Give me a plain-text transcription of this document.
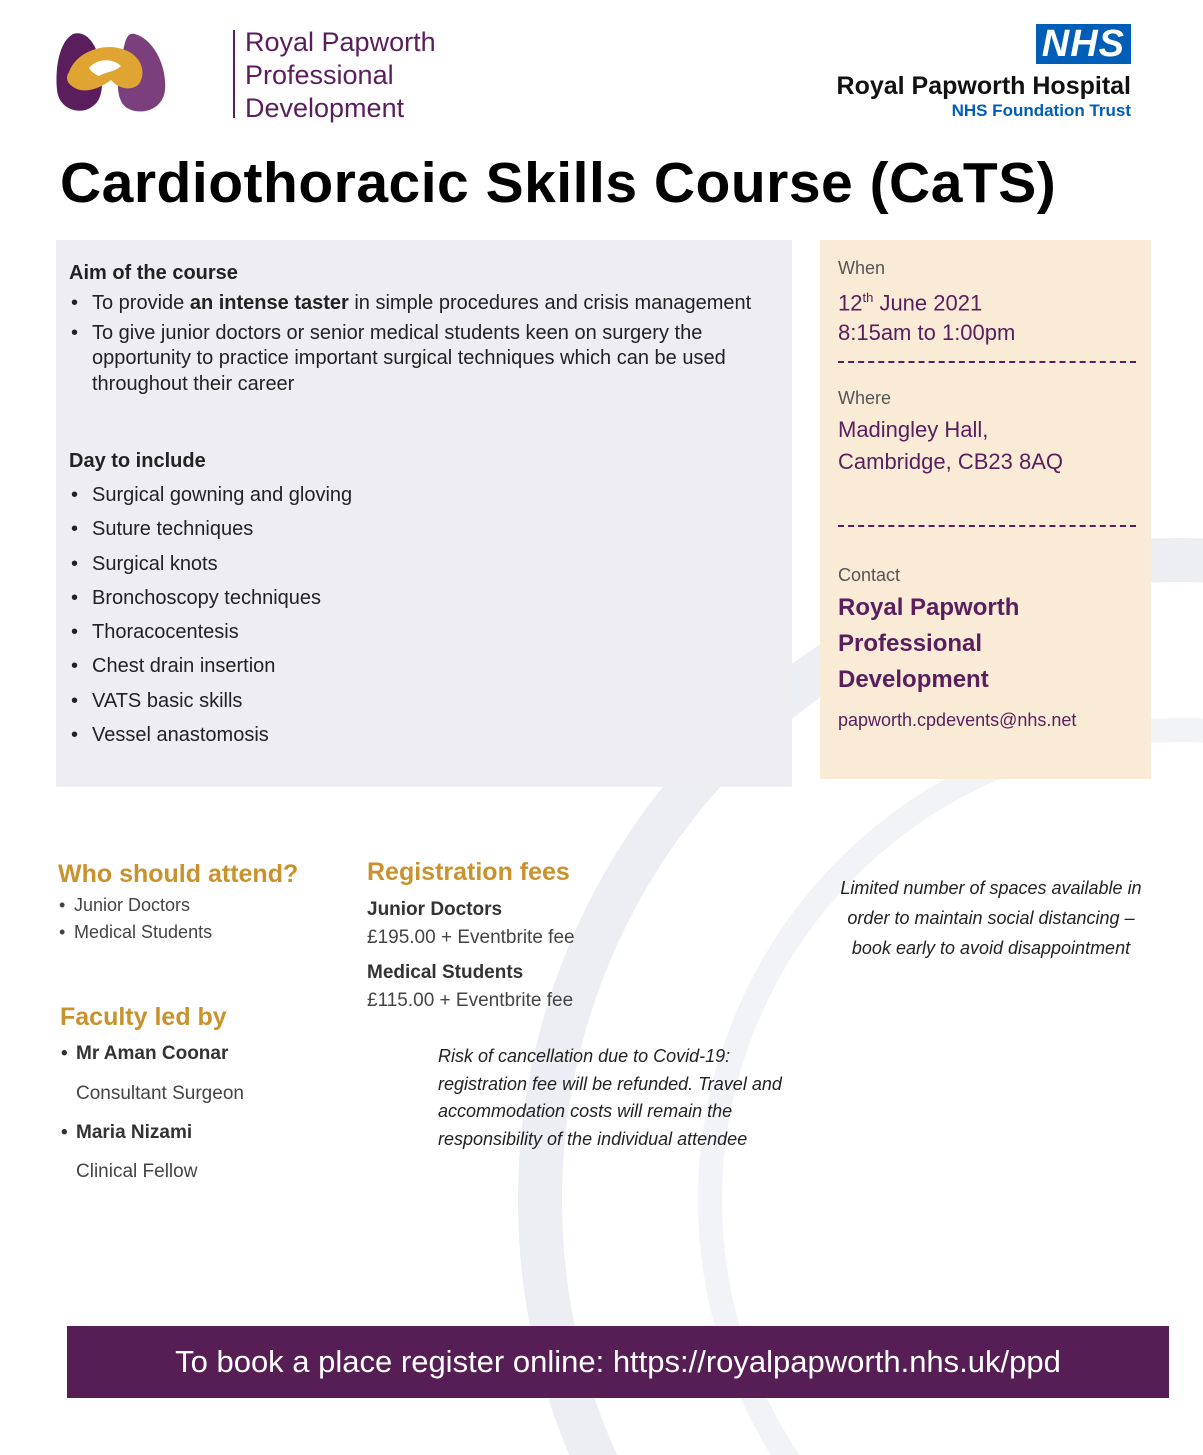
Royal Papworth
Professional
Development
NHS
Royal Papworth Hospital
NHS Foundation Trust
Cardiothoracic Skills Course (CaTS)
Aim of the course
• To provide an intense taster in simple procedures and crisis management
• To give junior doctors or senior medical students keen on surgery the opportunity to practice important surgical techniques which can be used throughout their career
Day to include
• Surgical gowning and gloving
• Suture techniques
• Surgical knots
• Bronchoscopy techniques
• Thoracocentesis
• Chest drain insertion
• VATS basic skills
• Vessel anastomosis
When
12th June 2021
8:15am to 1:00pm
Where
Madingley Hall,
Cambridge, CB23 8AQ
Contact
Royal Papworth
Professional
Development
papworth.cpdevents@nhs.net
Who should attend?
• Junior Doctors
• Medical Students
Registration fees
Junior Doctors
£195.00 + Eventbrite fee
Medical Students
£115.00 + Eventbrite fee
Faculty led by
• Mr Aman Coonar
Consultant Surgeon
• Maria Nizami
Clinical Fellow
Limited number of spaces available in order to maintain social distancing – book early to avoid disappointment
Risk of cancellation due to Covid-19: registration fee will be refunded. Travel and accommodation costs will remain the responsibility of the individual attendee
To book a place register online: https://royalpapworth.nhs.uk/ppd
